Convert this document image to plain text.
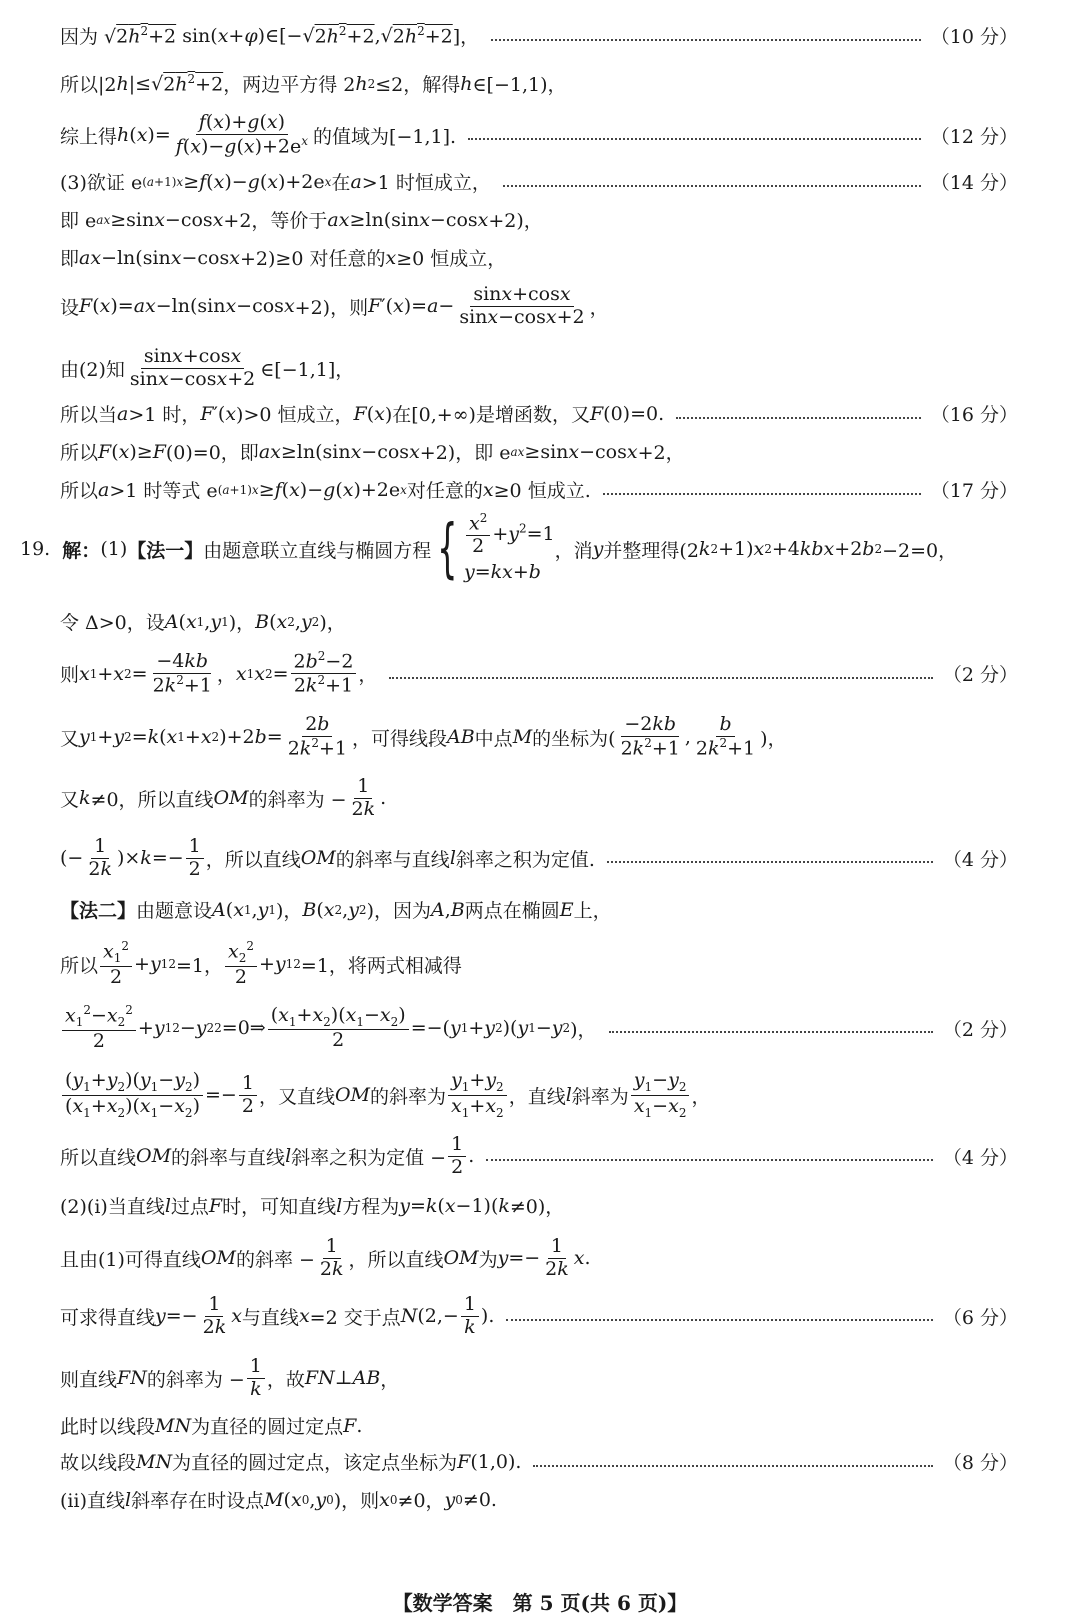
因为 √ $2h^2+2$ sin( x + φ )∈[−√ $2h^2+2$ ,√ $2h^2+2$ ]，	（10 分）
所以|2 h |≤√ $2h^2+2$ ，两边平方得 2 h 2 ≤2，解得 h ∈[−1,1)，
综上得 h ( x )= $\frac{f(x)+g(x)}{f(x)-g(x)+2e^x}$ 的值域为[−1,1].	（12 分）
(3)欲证 e (a+1)x ≥ f ( x )− g ( x )+2e x 在 a >1 时恒成立，	（14 分）
即 e ax ≥sin x −cos x +2，等价于 ax ≥ln(sin x −cos x +2)，
即 ax −ln(sin x −cos x +2)≥0 对任意的 x ≥0 恒成立，
设 F ( x )= ax −ln(sin x −cos x +2)，则 F ′( x )= $a - \frac{\sin x+\cos x}{\sin x-\cos x+2}$ ，
由(2)知 $\frac{\sin x+\cos x}{\sin x-\cos x+2}$ ∈[−1,1]，
所以当 a >1 时， F ′( x )>0 恒成立， F ( x )在[0,+∞)是增函数，又 F (0)=0.	（16 分）
所以 F ( x )≥ F (0)=0，即 ax ≥ln(sin x −cos x +2)，即 e ax ≥sin x −cos x +2，
所以 a >1 时等式 e (a+1)x ≥ f ( x )− g ( x )+2e x 对任意的 x ≥0 恒成立.	（17 分）
19. 解： (1) 【法一】 由题意联立直线与椭圆方程 { $\frac{x^2}{2} +y^2=1$
y=kx+b
，消 y 并整理得(2 k 2 +1) x 2 +4 kbx +2 b 2 −2=0，
令 Δ>0，设 A ( x 1 , y 1 )， B ( x 2 , y 2 )，
则 x 1 + x $2 = \frac{-4kb}{2k^2+1}$ ， x 1 x $2 = \frac{2b^2-2}{2k^2+1}$ ，	（2 分）
又 y 1 + y 2 = k ( x 1 + x 2 )+2 $b = \frac{2b}{2k^2+1}$ ，可得线段 AB 中点 M 的坐标为( $\frac{-2kb}{2k^2+1}$ , $\frac{b}{2k^2+1}$ )，
又 k ≠0，所以直线 OM 的斜率为 − $\frac{1}{2k}$ .
(− $\frac{1}{2k}$ )× $k =- \frac{1}{2}$ ，所以直线 OM 的斜率与直线 l 斜率之积为定值.	（4 分）
【法二】 由题意设 A ( x 1 , y 1 )， B ( x 2 , y 2 )，因为 A , B 两点在椭圆 E 上，
所以 $\frac{x_1^2}{2} + y$ 1 2 =1， $\frac{x_2^2}{2} + y$ 1 2 =1，将两式相减得
$\frac{x_1^2-x_2^2}{2} + y$ 1 2 − y 2 2 =0⇒ $\frac{(x_1+x_2)(x_1-x_2)}{2}$ =−( y 1 + y 2 )( y 1 − y 2 )，	（2 分）
$\frac{(y_1+y_2)(y_1-y_2)}{(x_1+x_2)(x_1-x_2)} =- \frac{1}{2}$ ，又直线 OM 的斜率为 $\frac{y_1+y_2}{x_1+x_2}$ ，直线 l 斜率为 $\frac{y_1-y_2}{x_1-x_2}$ ，
所以直线 OM 的斜率与直线 l 斜率之积为定值 − $\frac{1}{2}$ .	（4 分）
(2)(ⅰ)当直线 l 过点 F 时，可知直线 l 方程为 y = k ( x −1)( k ≠0)，
且由(1)可得直线 OM 的斜率 − $\frac{1}{2k}$ ，所以直线 OM 为 $y =- \frac{1}{2k}$ x .
可求得直线 $y =- \frac{1}{2k}$ x 与直线 x =2 交于点 N ($2,- \frac{1}{k}$ ).	（6 分）
则直线 FN 的斜率为 − $\frac{1}{k}$ ，故 FN ⊥ AB ，
此时以线段 MN 为直径的圆过定点 F .
故以线段 MN 为直径的圆过定点，该定点坐标为 F (1,0).	（8 分）
(ⅱ)直线 l 斜率存在时设点 M ( x 0 , y 0 )，则 x 0 ≠0， y 0 ≠0.
【数学答案　第 5 页(共 6 页)】
